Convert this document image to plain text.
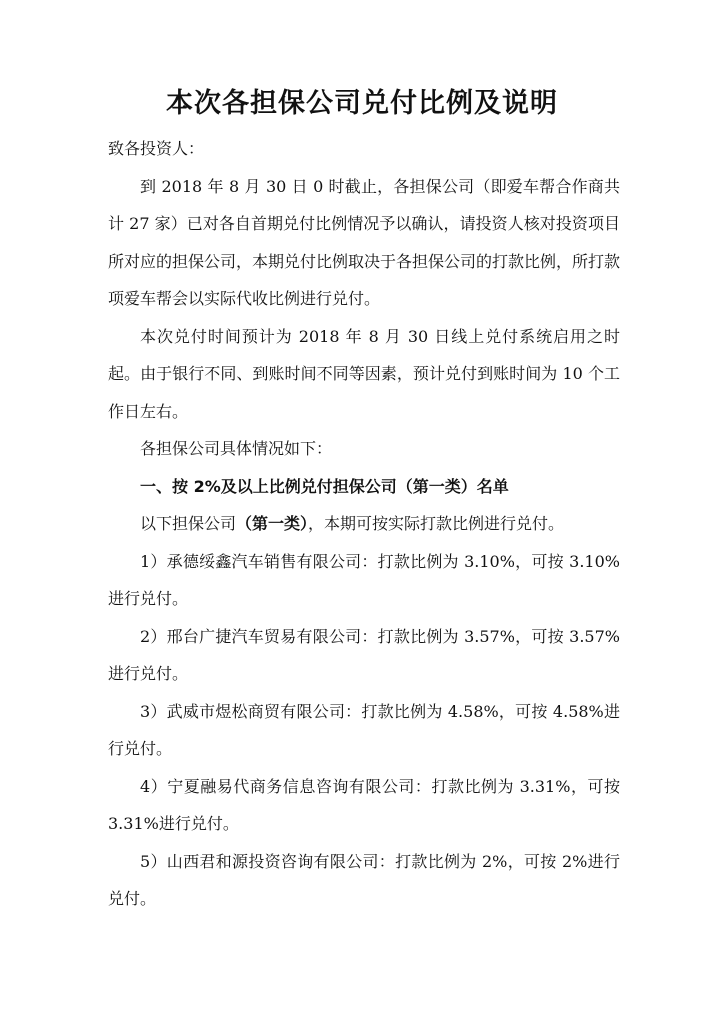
本次各担保公司兑付比例及说明

致各投资人：

到 2018 年 8 月 30 日 0 时截止，各担保公司（即爱车帮合作商共计 27 家）已对各自首期兑付比例情况予以确认，请投资人核对投资项目所对应的担保公司，本期兑付比例取决于各担保公司的打款比例，所打款项爱车帮会以实际代收比例进行兑付。

本次兑付时间预计为 2018 年 8 月 30 日线上兑付系统启用之时起。由于银行不同、到账时间不同等因素，预计兑付到账时间为 10 个工作日左右。

各担保公司具体情况如下：

一、按 2%及以上比例兑付担保公司（第一类）名单

以下担保公司（第一类），本期可按实际打款比例进行兑付。

1）承德绥鑫汽车销售有限公司：打款比例为 3.10%，可按 3.10%进行兑付。

2）邢台广捷汽车贸易有限公司：打款比例为 3.57%，可按 3.57%进行兑付。

3）武威市煜松商贸有限公司：打款比例为 4.58%，可按 4.58%进行兑付。

4）宁夏融易代商务信息咨询有限公司：打款比例为 3.31%，可按 3.31%进行兑付。

5）山西君和源投资咨询有限公司：打款比例为 2%，可按 2%进行兑付。
